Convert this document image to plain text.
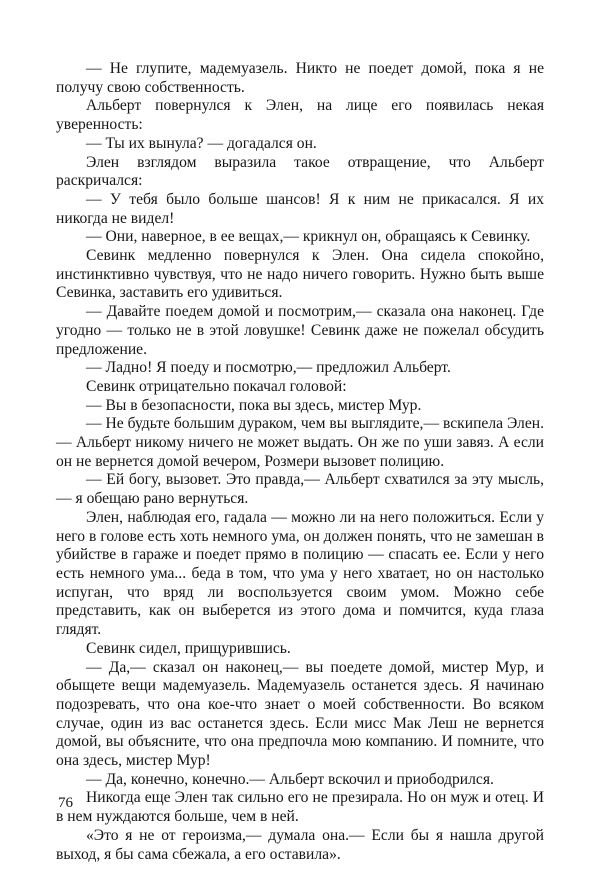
— Не глупите, мадемуазель. Никто не поедет домой, пока я не получу свою собственность.

Альберт повернулся к Элен, на лице его появилась некая уверенность:

— Ты их вынула? — догадался он.

Элен взглядом выразила такое отвращение, что Альберт раскричался:

— У тебя было больше шансов! Я к ним не прикасался. Я их никогда не видел!

— Они, наверное, в ее вещах,— крикнул он, обращаясь к Севинку.

Севинк медленно повернулся к Элен. Она сидела спокойно, инстинктивно чувствуя, что не надо ничего говорить. Нужно быть выше Севинка, заставить его удивиться.

— Давайте поедем домой и посмотрим,— сказала она наконец. Где угодно — только не в этой ловушке! Севинк даже не пожелал обсудить предложение.

— Ладно! Я поеду и посмотрю,— предложил Альберт.

Севинк отрицательно покачал головой:

— Вы в безопасности, пока вы здесь, мистер Мур.

— Не будьте большим дураком, чем вы выглядите,— вскипела Элен.— Альберт никому ничего не может выдать. Он же по уши завяз. А если он не вернется домой вечером, Розмери вызовет полицию.

— Ей богу, вызовет. Это правда,— Альберт схватился за эту мысль,— я обещаю рано вернуться.

Элен, наблюдая его, гадала — можно ли на него положиться. Если у него в голове есть хоть немного ума, он должен понять, что не замешан в убийстве в гараже и поедет прямо в полицию — спасать ее. Если у него есть немного ума... беда в том, что ума у него хватает, но он настолько испуган, что вряд ли воспользуется своим умом. Можно себе представить, как он выберется из этого дома и помчится, куда глаза глядят.

Севинк сидел, прищурившись.

— Да,— сказал он наконец,— вы поедете домой, мистер Мур, и обыщете вещи мадемуазель. Мадемуазель останется здесь. Я начинаю подозревать, что она кое-что знает о моей собственности. Во всяком случае, один из вас останется здесь. Если мисс Мак Леш не вернется домой, вы объясните, что она предпочла мою компанию. И помните, что она здесь, мистер Мур!

— Да, конечно, конечно.— Альберт вскочил и приободрился.

Никогда еще Элен так сильно его не презирала. Но он муж и отец. И в нем нуждаются больше, чем в ней.

«Это я не от героизма,— думала она.— Если бы я нашла другой выход, я бы сама сбежала, а его оставила».

76
